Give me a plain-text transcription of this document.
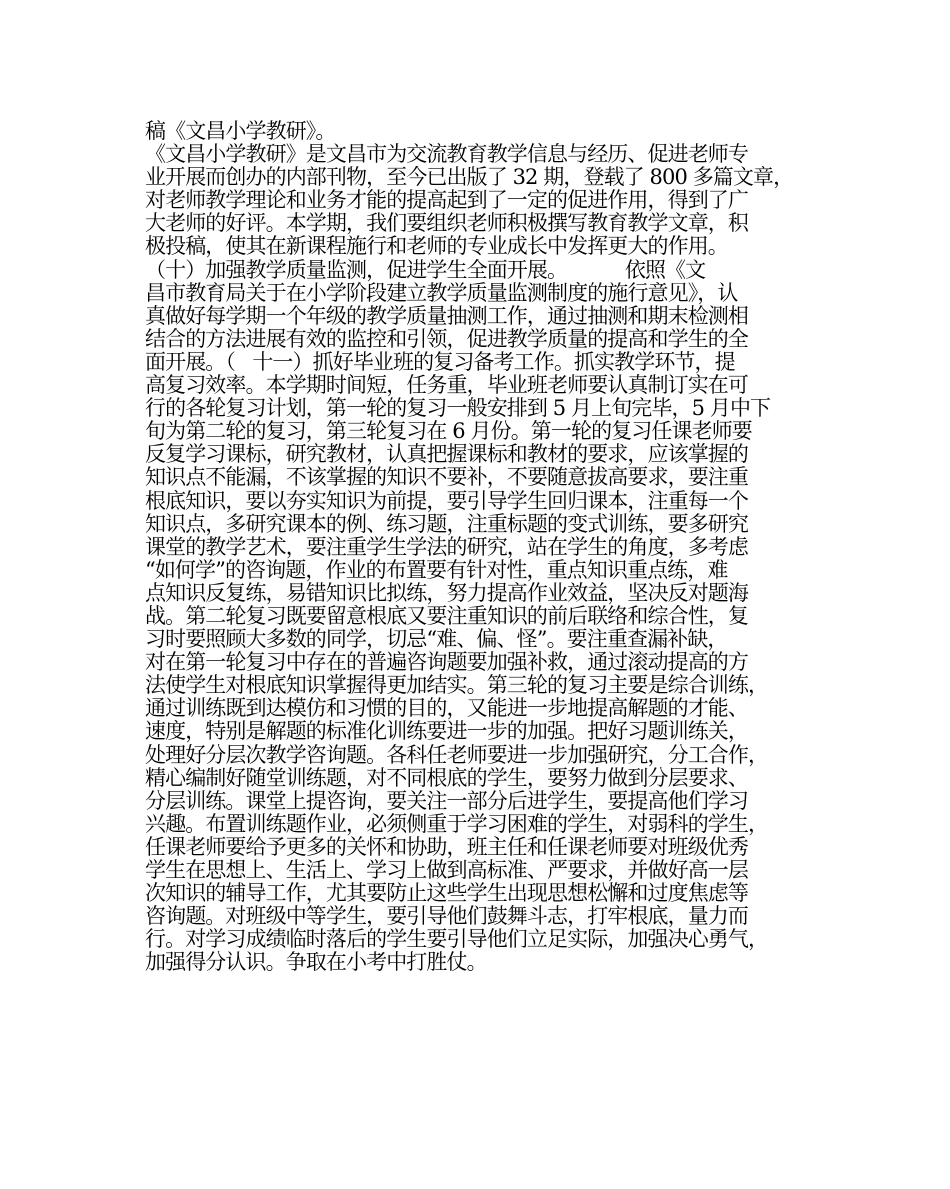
稿《文昌小学教研》。
《文昌小学教研》是文昌市为交流教育教学信息与经历、促进老师专
业开展而创办的内部刊物，至今已出版了 32 期，登载了 800 多篇文章，
对老师教学理论和业务才能的提高起到了一定的促进作用，得到了广
大老师的好评。本学期，我们要组织老师积极撰写教育教学文章，积
极投稿，使其在新课程施行和老师的专业成长中发挥更大的作用。
（十）加强教学质量监测，促进学生全面开展。          依照《文
昌市教育局关于在小学阶段建立教学质量监测制度的施行意见》，认
真做好每学期一个年级的教学质量抽测工作，通过抽测和期末检测相
结合的方法进展有效的监控和引领，促进教学质量的提高和学生的全
面开展。（   十一）抓好毕业班的复习备考工作。抓实教学环节，提
高复习效率。本学期时间短，任务重，毕业班老师要认真制订实在可
行的各轮复习计划，第一轮的复习一般安排到 5 月上旬完毕，5 月中下
旬为第二轮的复习，第三轮复习在 6 月份。第一轮的复习任课老师要
反复学习课标，研究教材，认真把握课标和教材的要求，应该掌握的
知识点不能漏，不该掌握的知识不要补，不要随意拔高要求，要注重
根底知识，要以夯实知识为前提，要引导学生回归课本，注重每一个
知识点，多研究课本的例、练习题，注重标题的变式训练，要多研究
课堂的教学艺术，要注重学生学法的研究，站在学生的角度，多考虑
“如何学”的咨询题，作业的布置要有针对性，重点知识重点练，难
点知识反复练，易错知识比拟练，努力提高作业效益，坚决反对题海
战。第二轮复习既要留意根底又要注重知识的前后联络和综合性，复
习时要照顾大多数的同学，切忌“难、偏、怪”。要注重查漏补缺，
对在第一轮复习中存在的普遍咨询题要加强补救，通过滚动提高的方
法使学生对根底知识掌握得更加结实。第三轮的复习主要是综合训练，
通过训练既到达模仿和习惯的目的，又能进一步地提高解题的才能、
速度，特别是解题的标准化训练要进一步的加强。把好习题训练关，
处理好分层次教学咨询题。各科任老师要进一步加强研究，分工合作，
精心编制好随堂训练题，对不同根底的学生，要努力做到分层要求、
分层训练。课堂上提咨询，要关注一部分后进学生，要提高他们学习
兴趣。布置训练题作业，必须侧重于学习困难的学生，对弱科的学生，
任课老师要给予更多的关怀和协助，班主任和任课老师要对班级优秀
学生在思想上、生活上、学习上做到高标准、严要求，并做好高一层
次知识的辅导工作，尤其要防止这些学生出现思想松懈和过度焦虑等
咨询题。对班级中等学生，要引导他们鼓舞斗志，打牢根底，量力而
行。对学习成绩临时落后的学生要引导他们立足实际，加强决心勇气，
加强得分认识。争取在小考中打胜仗。
